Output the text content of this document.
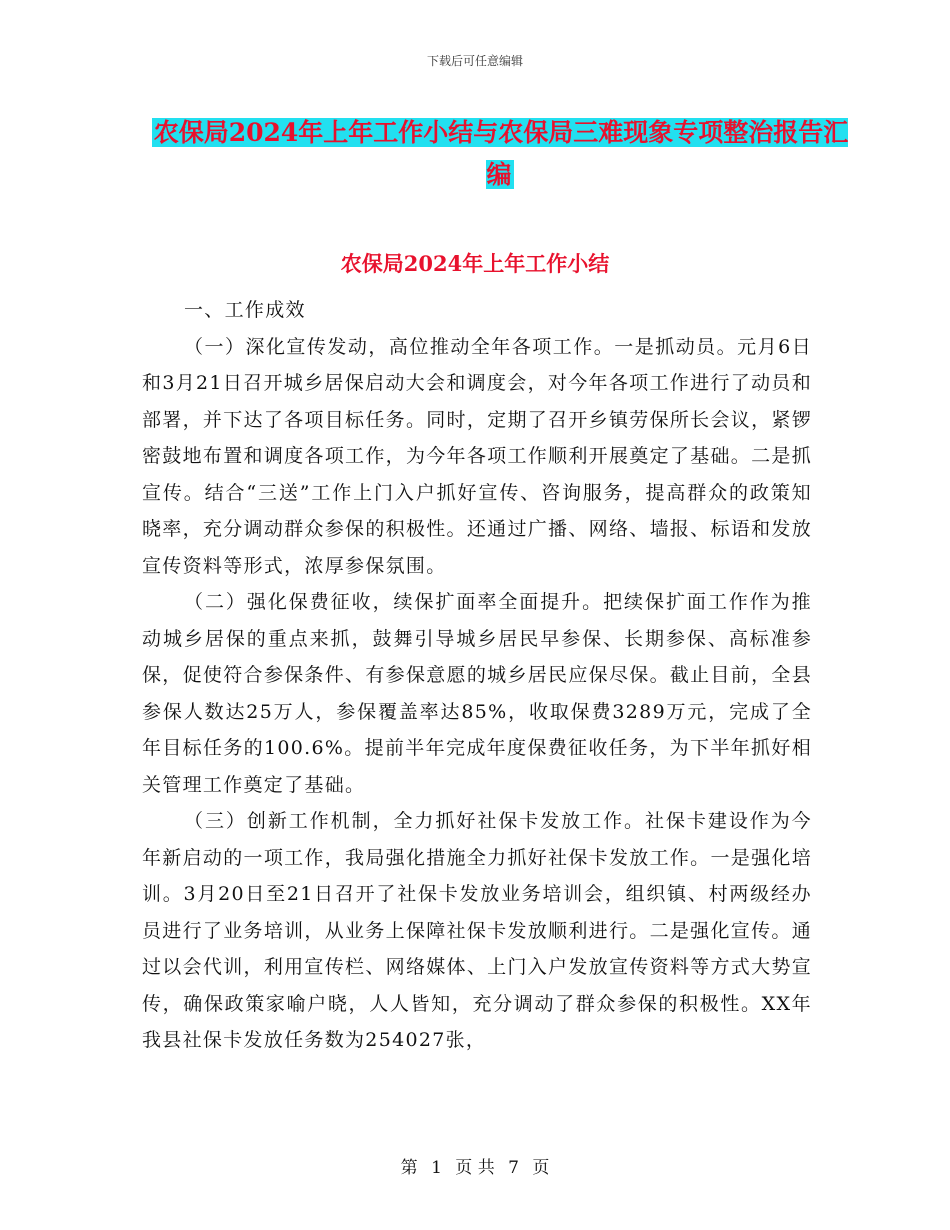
下载后可任意编辑
农保局2024年上年工作小结与农保局三难现象专项整治报告汇编
农保局2024年上年工作小结

一、工作成效

（一）深化宣传发动，高位推动全年各项工作。一是抓动员。元月6日和3月21日召开城乡居保启动大会和调度会，对今年各项工作进行了动员和部署，并下达了各项目标任务。同时，定期了召开乡镇劳保所长会议，紧锣密鼓地布置和调度各项工作，为今年各项工作顺利开展奠定了基础。二是抓宣传。结合“三送”工作上门入户抓好宣传、咨询服务，提高群众的政策知晓率，充分调动群众参保的积极性。还通过广播、网络、墙报、标语和发放宣传资料等形式，浓厚参保氛围。

（二）强化保费征收，续保扩面率全面提升。把续保扩面工作作为推动城乡居保的重点来抓，鼓舞引导城乡居民早参保、长期参保、高标准参保，促使符合参保条件、有参保意愿的城乡居民应保尽保。截止目前，全县参保人数达25万人，参保覆盖率达85%，收取保费3289万元，完成了全年目标任务的100.6%。提前半年完成年度保费征收任务，为下半年抓好相关管理工作奠定了基础。

（三）创新工作机制，全力抓好社保卡发放工作。社保卡建设作为今年新启动的一项工作，我局强化措施全力抓好社保卡发放工作。一是强化培训。3月20日至21日召开了社保卡发放业务培训会，组织镇、村两级经办员进行了业务培训，从业务上保障社保卡发放顺利进行。二是强化宣传。通过以会代训，利用宣传栏、网络媒体、上门入户发放宣传资料等方式大势宣传，确保政策家喻户晓，人人皆知，充分调动了群众参保的积极性。XX年我县社保卡发放任务数为254027张，

第 1 页 共 7 页
